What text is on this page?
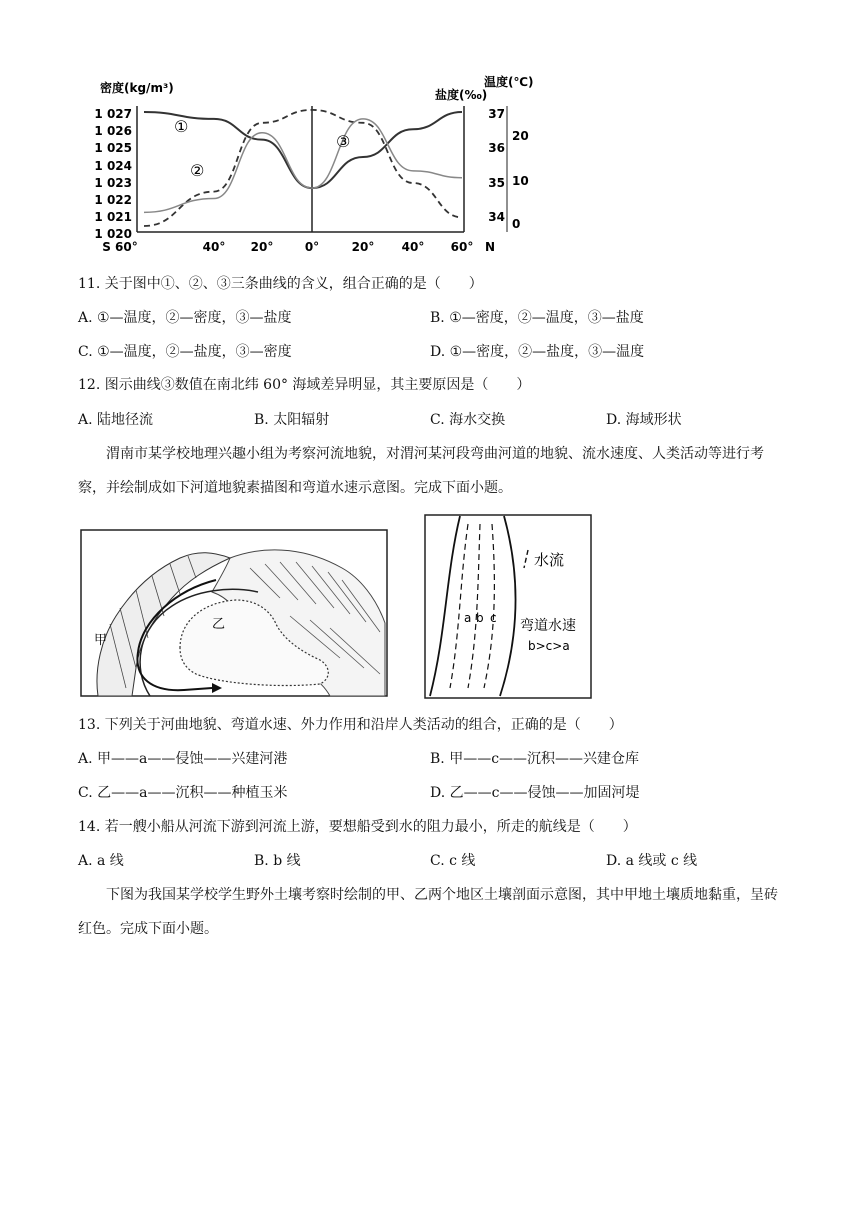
密度(kg/m³)	温度(℃)
盐度(‰)
1 027
1 026
1 025
1 024
1 023
1 022
1 021
1 020
37
36
35
34
20
10
0
S 60°	40° 20°	0°	20° 40° 60° N
①
②
③
11. 关于图中①、②、③三条曲线的含义，组合正确的是（　　）
A. ①—温度，②—密度，③—盐度	B. ①—密度，②—温度，③—盐度
C. ①—温度，②—盐度，③—密度	D. ①—密度，②—盐度，③—温度
12. 图示曲线③数值在南北纬 60° 海域差异明显，其主要原因是（　　）
A. 陆地径流	B. 太阳辐射	C. 海水交换	D. 海域形状
渭南市某学校地理兴趣小组为考察河流地貌，对渭河某河段弯曲河道的地貌、流水速度、人类活动等进行考察，并绘制成如下河道地貌素描图和弯道水速示意图。完成下面小题。
甲
乙	a b c
水流
弯道水速
b>c>a
13. 下列关于河曲地貌、弯道水速、外力作用和沿岸人类活动的组合，正确的是（　　）
A. 甲——a——侵蚀——兴建河港	B. 甲——c——沉积——兴建仓库
C. 乙——a——沉积——种植玉米	D. 乙——c——侵蚀——加固河堤
14. 若一艘小船从河流下游到河流上游，要想船受到水的阻力最小，所走的航线是（　　）
A. a 线	B. b 线	C. c 线	D. a 线或 c 线
下图为我国某学校学生野外土壤考察时绘制的甲、乙两个地区土壤剖面示意图，其中甲地土壤质地黏重，呈砖红色。完成下面小题。
